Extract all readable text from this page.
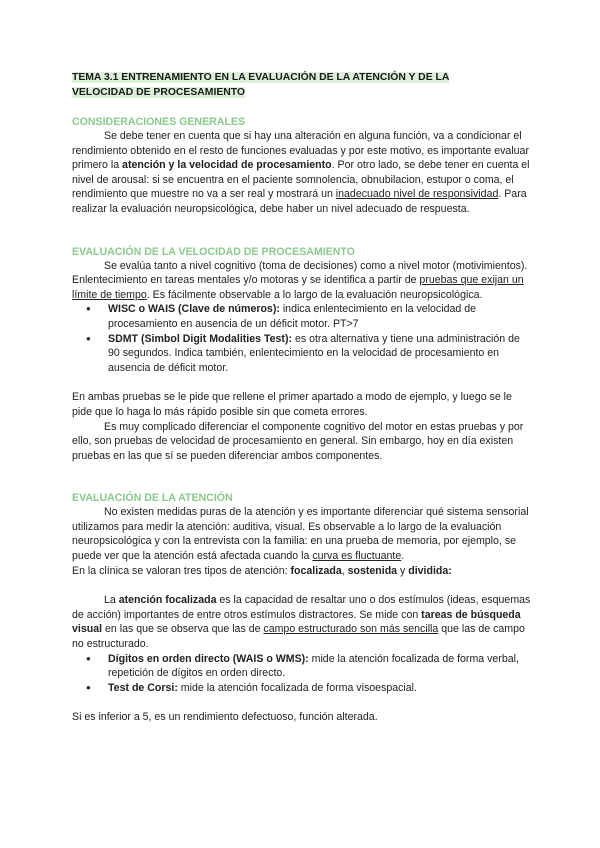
TEMA 3.1 ENTRENAMIENTO EN LA EVALUACIÓN DE LA ATENCIÓN Y DE LA
VELOCIDAD DE PROCESAMIENTO
CONSIDERACIONES GENERALES

Se debe tener en cuenta que si hay una alteración en alguna función, va a condicionar el rendimiento obtenido en el resto de funciones evaluadas y por este motivo, es importante evaluar primero la atención y la velocidad de procesamiento. Por otro lado, se debe tener en cuenta el nivel de arousal: si se encuentra en el paciente somnolencia, obnubilacion, estupor o coma, el rendimiento que muestre no va a ser real y mostrará un inadecuado nivel de responsividad. Para realizar la evaluación neuropsicológica, debe haber un nivel adecuado de respuesta.

EVALUACIÓN DE LA VELOCIDAD DE PROCESAMIENTO

Se evalúa tanto a nivel cognitivo (toma de decisiones) como a nivel motor (motivimientos). Enlentecimiento en tareas mentales y/o motoras y se identifica a partir de pruebas que exijan un límite de tiempo. Es fácilmente observable a lo largo de la evaluación neuropsicológica.

● WISC o WAIS (Clave de números): indica enlentecimiento en la velocidad de procesamiento en ausencia de un déficit motor. PT>7
● SDMT (Simbol Digit Modalities Test): es otra alternativa y tiene una administración de 90 segundos. Indica también, enlentecimiento en la velocidad de procesamiento en ausencia de déficit motor.

En ambas pruebas se le pide que rellene el primer apartado a modo de ejemplo, y luego se le pide que lo haga lo más rápido posible sin que cometa errores.

Es muy complicado diferenciar el componente cognitivo del motor en estas pruebas y por ello, son pruebas de velocidad de procesamiento en general. Sin embargo, hoy en día existen pruebas en las que sí se pueden diferenciar ambos componentes.

EVALUACIÓN DE LA ATENCIÓN

No existen medidas puras de la atención y es importante diferenciar qué sistema sensorial utilizamos para medir la atención: auditiva, visual. Es observable a lo largo de la evaluación neuropsicológica y con la entrevista con la familia: en una prueba de memoria, por ejemplo, se puede ver que la atención está afectada cuando la curva es fluctuante.

En la clínica se valoran tres tipos de atención: focalizada, sostenida y dividida:

La atención focalizada es la capacidad de resaltar uno o dos estímulos (ideas, esquemas de acción) importantes de entre otros estímulos distractores. Se mide con tareas de búsqueda visual en las que se observa que las de campo estructurado son más sencilla que las de campo no estructurado.

● Dígitos en orden directo (WAIS o WMS): mide la atención focalizada de forma verbal, repetición de dígitos en orden directo.
● Test de Corsi: mide la atención focalizada de forma visoespacial.

Si es inferior a 5, es un rendimiento defectuoso, función alterada.
